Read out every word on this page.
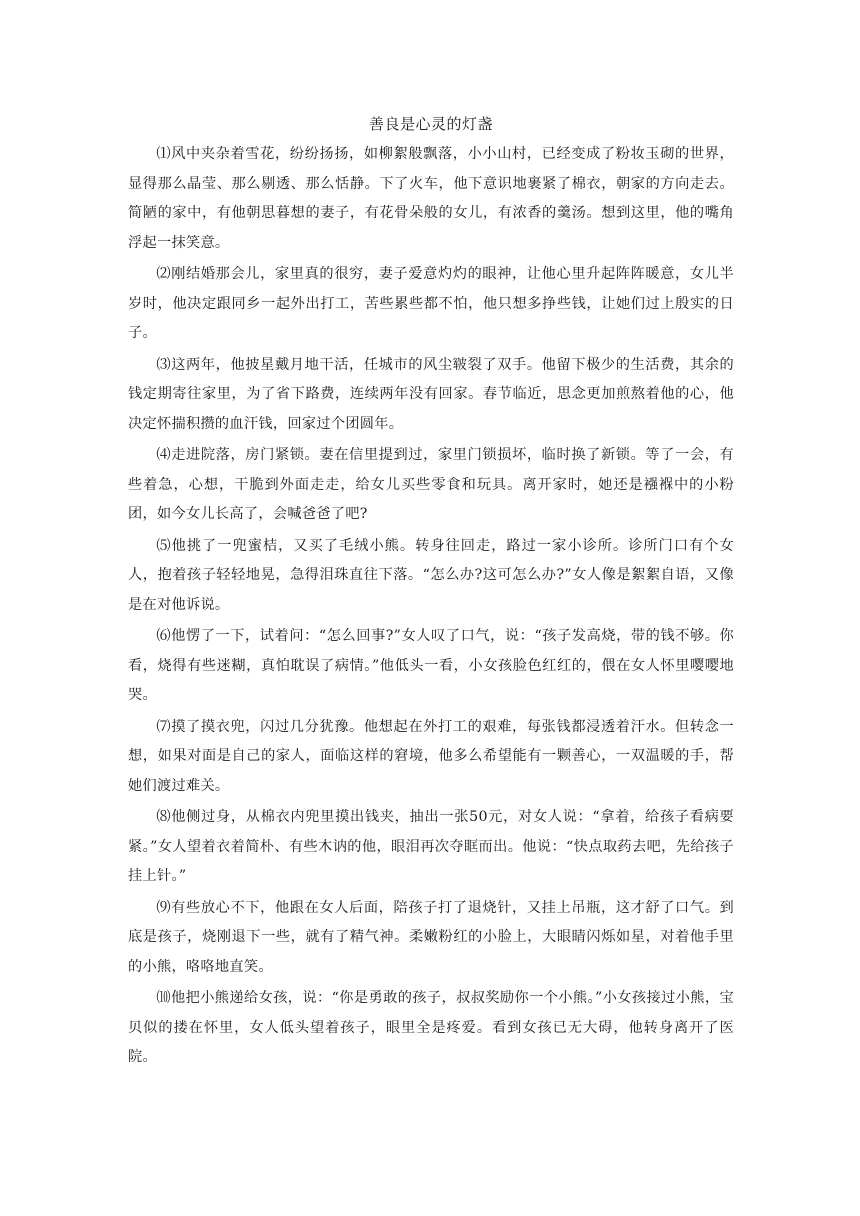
善良是心灵的灯盏

⑴风中夹杂着雪花，纷纷扬扬，如柳絮般飘落，小小山村，已经变成了粉妆玉砌的世界，显得那么晶莹、那么剔透、那么恬静。下了火车，他下意识地裹紧了棉衣，朝家的方向走去。简陋的家中，有他朝思暮想的妻子，有花骨朵般的女儿，有浓香的羹汤。想到这里，他的嘴角浮起一抹笑意。

⑵刚结婚那会儿，家里真的很穷，妻子爱意灼灼的眼神，让他心里升起阵阵暖意，女儿半岁时，他决定跟同乡一起外出打工，苦些累些都不怕，他只想多挣些钱，让她们过上殷实的日子。

⑶这两年，他披星戴月地干活，任城市的风尘皲裂了双手。他留下极少的生活费，其余的钱定期寄往家里，为了省下路费，连续两年没有回家。春节临近，思念更加煎熬着他的心，他决定怀揣积攒的血汗钱，回家过个团圆年。

⑷走进院落，房门紧锁。妻在信里提到过，家里门锁损坏，临时换了新锁。等了一会，有些着急，心想，干脆到外面走走，给女儿买些零食和玩具。离开家时，她还是襁褓中的小粉团，如今女儿长高了，会喊爸爸了吧?

⑸他挑了一兜蜜桔，又买了毛绒小熊。转身往回走，路过一家小诊所。诊所门口有个女人，抱着孩子轻轻地晃，急得泪珠直往下落。“怎么办?这可怎么办?”女人像是絮絮自语，又像是在对他诉说。

⑹他愣了一下，试着问：“怎么回事?”女人叹了口气，说：“孩子发高烧，带的钱不够。你看，烧得有些迷糊，真怕耽误了病情。”他低头一看，小女孩脸色红红的，偎在女人怀里嘤嘤地哭。

⑺摸了摸衣兜，闪过几分犹豫。他想起在外打工的艰难，每张钱都浸透着汗水。但转念一想，如果对面是自己的家人，面临这样的窘境，他多么希望能有一颗善心，一双温暖的手，帮她们渡过难关。

⑻他侧过身，从棉衣内兜里摸出钱夹，抽出一张50元，对女人说：“拿着，给孩子看病要紧。”女人望着衣着简朴、有些木讷的他，眼泪再次夺眶而出。他说：“快点取药去吧，先给孩子挂上针。”

⑼有些放心不下，他跟在女人后面，陪孩子打了退烧针，又挂上吊瓶，这才舒了口气。到底是孩子，烧刚退下一些，就有了精气神。柔嫩粉红的小脸上，大眼睛闪烁如星，对着他手里的小熊，咯咯地直笑。

⑽他把小熊递给女孩，说：“你是勇敢的孩子，叔叔奖励你一个小熊。”小女孩接过小熊，宝贝似的搂在怀里，女人低头望着孩子，眼里全是疼爱。看到女孩已无大碍，他转身离开了医院。
